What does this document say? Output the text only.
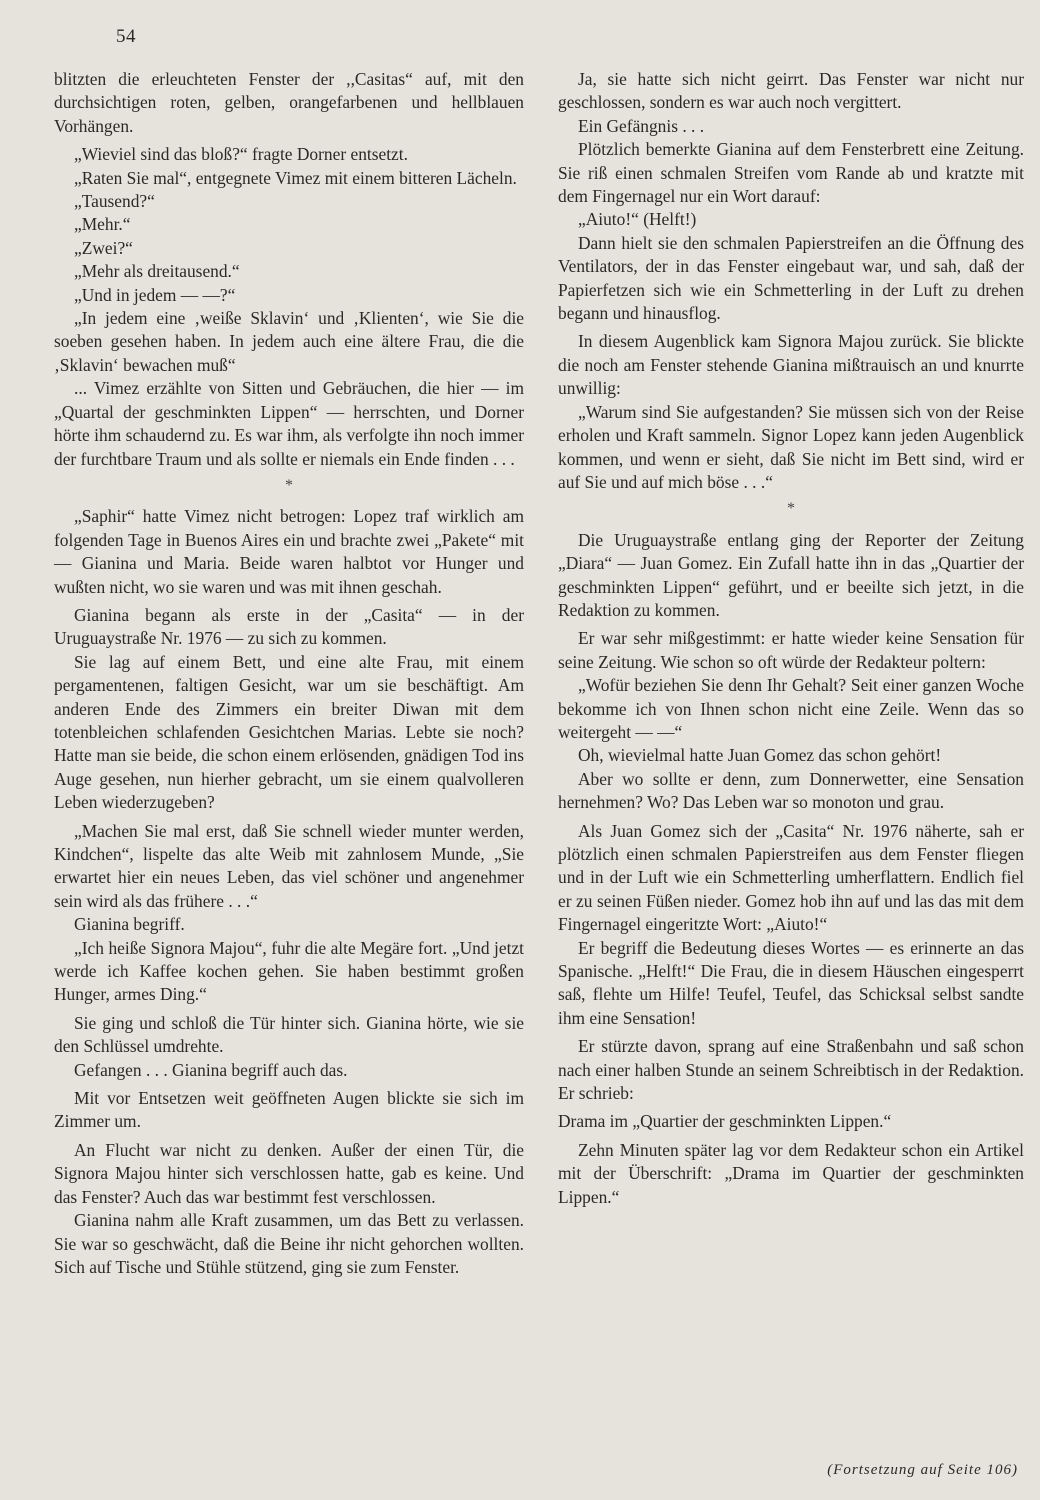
54

blitzten die erleuchteten Fenster der ,,Casitas“ auf, mit den durchsichtigen roten, gelben, orangefarbenen und hellblauen Vorhängen.

„Wieviel sind das bloß?“ fragte Dorner entsetzt.

„Raten Sie mal“, entgegnete Vimez mit einem bitteren Lächeln.

„Tausend?“

„Mehr.“

„Zwei?“

„Mehr als dreitausend.“

„Und in jedem — —?“

„In jedem eine ‚weiße Sklavin‘ und ‚Klienten‘, wie Sie die soeben gesehen haben. In jedem auch eine ältere Frau, die die ‚Sklavin‘ bewachen muß“

... Vimez erzählte von Sitten und Gebräuchen, die hier — im „Quartal der geschminkten Lippen“ — herrschten, und Dorner hörte ihm schaudernd zu. Es war ihm, als verfolgte ihn noch immer der furchtbare Traum und als sollte er niemals ein Ende finden . . .

*

„Saphir“ hatte Vimez nicht betrogen: Lopez traf wirklich am folgenden Tage in Buenos Aires ein und brachte zwei „Pakete“ mit — Gianina und Maria. Beide waren halbtot vor Hunger und wußten nicht, wo sie waren und was mit ihnen geschah.

Gianina begann als erste in der „Casita“ — in der Uruguaystraße Nr. 1976 — zu sich zu kommen.

Sie lag auf einem Bett, und eine alte Frau, mit einem pergamentenen, faltigen Gesicht, war um sie beschäftigt. Am anderen Ende des Zimmers ein breiter Diwan mit dem totenbleichen schlafenden Gesichtchen Marias. Lebte sie noch? Hatte man sie beide, die schon einem erlösenden, gnädigen Tod ins Auge gesehen, nun hierher gebracht, um sie einem qualvolleren Leben wiederzugeben?

„Machen Sie mal erst, daß Sie schnell wieder munter werden, Kindchen“, lispelte das alte Weib mit zahnlosem Munde, „Sie erwartet hier ein neues Leben, das viel schöner und angenehmer sein wird als das frühere . . .“

Gianina begriff.

„Ich heiße Signora Majou“, fuhr die alte Megäre fort. „Und jetzt werde ich Kaffee kochen gehen. Sie haben bestimmt großen Hunger, armes Ding.“

Sie ging und schloß die Tür hinter sich. Gianina hörte, wie sie den Schlüssel umdrehte.

Gefangen . . . Gianina begriff auch das.

Mit vor Entsetzen weit geöffneten Augen blickte sie sich im Zimmer um.

An Flucht war nicht zu denken. Außer der einen Tür, die Signora Majou hinter sich verschlossen hatte, gab es keine. Und das Fenster? Auch das war bestimmt fest verschlossen.

Gianina nahm alle Kraft zusammen, um das Bett zu verlassen. Sie war so geschwächt, daß die Beine ihr nicht gehorchen wollten. Sich auf Tische und Stühle stützend, ging sie zum Fenster.

Ja, sie hatte sich nicht geirrt. Das Fenster war nicht nur geschlossen, sondern es war auch noch vergittert.

Ein Gefängnis . . .

Plötzlich bemerkte Gianina auf dem Fensterbrett eine Zeitung. Sie riß einen schmalen Streifen vom Rande ab und kratzte mit dem Fingernagel nur ein Wort darauf:

„Aiuto!“ (Helft!)

Dann hielt sie den schmalen Papierstreifen an die Öffnung des Ventilators, der in das Fenster eingebaut war, und sah, daß der Papierfetzen sich wie ein Schmetterling in der Luft zu drehen begann und hinausflog.

In diesem Augenblick kam Signora Majou zurück. Sie blickte die noch am Fenster stehende Gianina mißtrauisch an und knurrte unwillig:

„Warum sind Sie aufgestanden? Sie müssen sich von der Reise erholen und Kraft sammeln. Signor Lopez kann jeden Augenblick kommen, und wenn er sieht, daß Sie nicht im Bett sind, wird er auf Sie und auf mich böse . . .“

*

Die Uruguaystraße entlang ging der Reporter der Zeitung „Diara“ — Juan Gomez. Ein Zufall hatte ihn in das „Quartier der geschminkten Lippen“ geführt, und er beeilte sich jetzt, in die Redaktion zu kommen.

Er war sehr mißgestimmt: er hatte wieder keine Sensation für seine Zeitung. Wie schon so oft würde der Redakteur poltern:

„Wofür beziehen Sie denn Ihr Gehalt? Seit einer ganzen Woche bekomme ich von Ihnen schon nicht eine Zeile. Wenn das so weitergeht — —“

Oh, wievielmal hatte Juan Gomez das schon gehört!

Aber wo sollte er denn, zum Donnerwetter, eine Sensation hernehmen? Wo? Das Leben war so monoton und grau.

Als Juan Gomez sich der „Casita“ Nr. 1976 näherte, sah er plötzlich einen schmalen Papierstreifen aus dem Fenster fliegen und in der Luft wie ein Schmetterling umherflattern. Endlich fiel er zu seinen Füßen nieder. Gomez hob ihn auf und las das mit dem Fingernagel eingeritzte Wort: „Aiuto!“

Er begriff die Bedeutung dieses Wortes — es erinnerte an das Spanische. „Helft!“ Die Frau, die in diesem Häuschen eingesperrt saß, flehte um Hilfe! Teufel, Teufel, das Schicksal selbst sandte ihm eine Sensation!

Er stürzte davon, sprang auf eine Straßenbahn und saß schon nach einer halben Stunde an seinem Schreibtisch in der Redaktion. Er schrieb:

Drama im „Quartier der geschminkten Lippen.“

Zehn Minuten später lag vor dem Redakteur schon ein Artikel mit der Überschrift: „Drama im Quartier der geschminkten Lippen.“

(Fortsetzung auf Seite 106)
